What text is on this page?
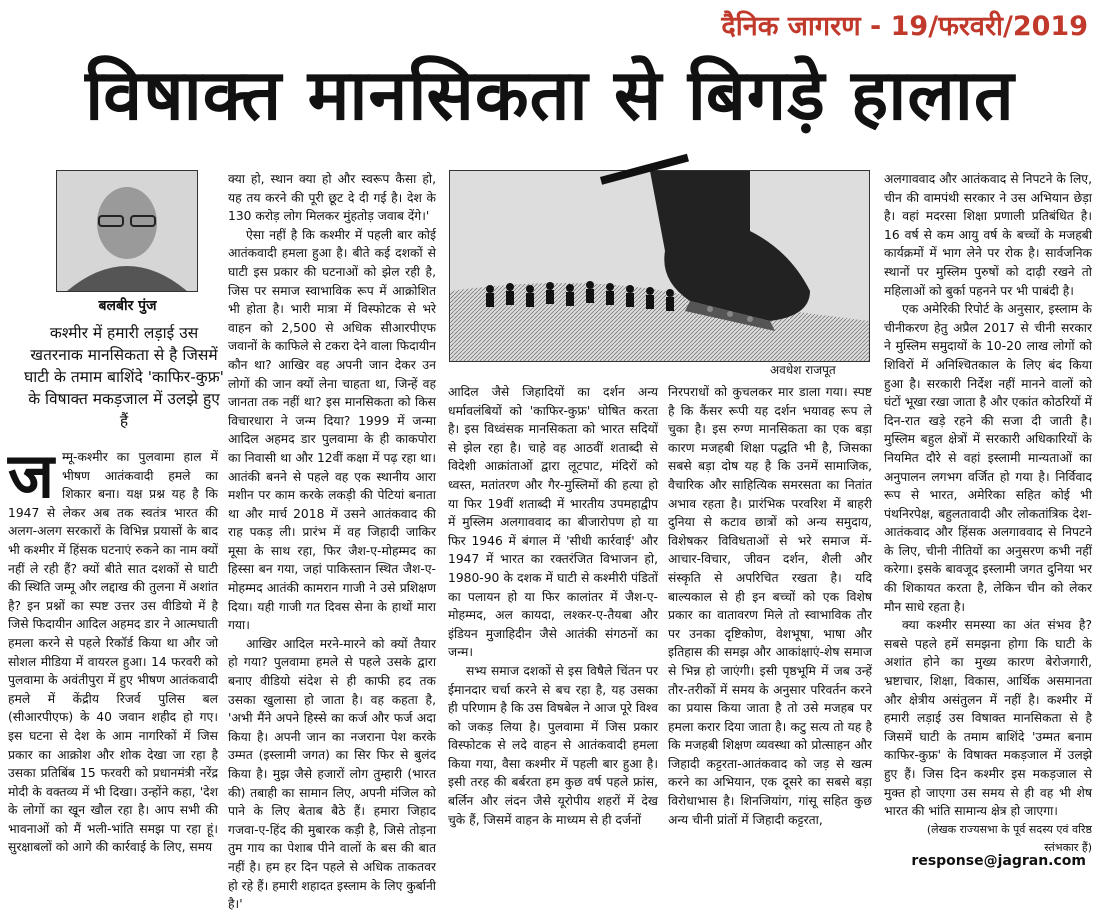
दैनिक जागरण - 19/फरवरी/2019
विषाक्त मानसिकता से बिगड़े हालात
बलबीर पुंज
कश्मीर में हमारी लड़ाई उस खतरनाक मानसिकता से है जिसमें घाटी के तमाम बाशिंदे 'काफिर-कुफ्र' के विषाक्त मकड़जाल में उलझे हुए हैं
ज म्मू-कश्मीर का पुलवामा हाल में भीषण आतंकवादी हमले का शिकार बना। यक्ष प्रश्न यह है कि 1947 से लेकर अब तक स्वतंत्र भारत की अलग-अलग सरकारों के विभिन्न प्रयासों के बाद भी कश्मीर में हिंसक घटनाएं रुकने का नाम क्यों नहीं ले रही हैं? क्यों बीते सात दशकों से घाटी की स्थिति जम्मू और लद्दाख की तुलना में अशांत है? इन प्रश्नों का स्पष्ट उत्तर उस वीडियो में है जिसे फिदायीन आदिल अहमद डार ने आत्मघाती हमला करने से पहले रिकॉर्ड किया था और जो सोशल मीडिया में वायरल हुआ। 14 फरवरी को पुलवामा के अवंतीपुरा में हुए भीषण आतंकवादी हमले में केंद्रीय रिजर्व पुलिस बल (सीआरपीएफ) के 40 जवान शहीद हो गए। इस घटना से देश के आम नागरिकों में जिस प्रकार का आक्रोश और शोक देखा जा रहा है उसका प्रतिबिंब 15 फरवरी को प्रधानमंत्री नरेंद्र मोदी के वक्तव्य में भी दिखा। उन्होंने कहा, 'देश के लोगों का खून खौल रहा है। आप सभी की भावनाओं को मैं भली-भांति समझ पा रहा हूं। सुरक्षाबलों को आगे की कार्रवाई के लिए, समय

क्या हो, स्थान क्या हो और स्वरूप कैसा हो, यह तय करने की पूरी छूट दे दी गई है। देश के 130 करोड़ लोग मिलकर मुंहतोड़ जवाब देंगे।'

ऐसा नहीं है कि कश्मीर में पहली बार कोई आतंकवादी हमला हुआ है। बीते कई दशकों से घाटी इस प्रकार की घटनाओं को झेल रही है, जिस पर समाज स्वाभाविक रूप में आक्रोशित भी होता है। भारी मात्रा में विस्फोटक से भरे वाहन को 2,500 से अधिक सीआरपीएफ जवानों के काफिले से टकरा देने वाला फिदायीन कौन था? आखिर वह अपनी जान देकर उन लोगों की जान क्यों लेना चाहता था, जिन्हें वह जानता तक नहीं था? इस मानसिकता को किस विचारधारा ने जन्म दिया? 1999 में जन्मा आदिल अहमद डार पुलवामा के ही काकपोरा का निवासी था और 12वीं कक्षा में पढ़ रहा था। आतंकी बनने से पहले वह एक स्थानीय आरा मशीन पर काम करके लकड़ी की पेटियां बनाता था और मार्च 2018 में उसने आतंकवाद की राह पकड़ ली। प्रारंभ में वह जिहादी जाकिर मूसा के साथ रहा, फिर जैश-ए-मोहम्मद का हिस्सा बन गया, जहां पाकिस्तान स्थित जैश-ए-मोहम्मद आतंकी कामरान गाजी ने उसे प्रशिक्षण दिया। यही गाजी गत दिवस सेना के हाथों मारा गया।

आखिर आदिल मरने-मारने को क्यों तैयार हो गया? पुलवामा हमले से पहले उसके द्वारा बनाए वीडियो संदेश से ही काफी हद तक उसका खुलासा हो जाता है। वह कहता है, 'अभी मैंने अपने हिस्से का कर्ज और फर्ज अदा किया है। अपनी जान का नजराना पेश करके उम्मत (इस्लामी जगत) का सिर फिर से बुलंद किया है। मुझ जैसे हजारों लोग तुम्हारी (भारत की) तबाही का सामान लिए, अपनी मंजिल को पाने के लिए बेताब बैठे हैं। हमारा जिहाद गजवा-ए-हिंद की मुबारक कड़ी है, जिसे तोड़ना तुम गाय का पेशाब पीने वालों के बस की बात नहीं है। हम हर दिन पहले से अधिक ताकतवर हो रहे हैं। हमारी शहादत इस्लाम के लिए कुर्बानी है।'

अवधेश राजपूत

आदिल जैसे जिहादियों का दर्शन अन्य धर्मावलंबियों को 'काफिर-कुफ्र' घोषित करता है। इस विध्वंसक मानसिकता को भारत सदियों से झेल रहा है। चाहे वह आठवीं शताब्दी से विदेशी आक्रांताओं द्वारा लूटपाट, मंदिरों को ध्वस्त, मतांतरण और गैर-मुस्लिमों की हत्या हो या फिर 19वीं शताब्दी में भारतीय उपमहाद्वीप में मुस्लिम अलगाववाद का बीजारोपण हो या फिर 1946 में बंगाल में 'सीधी कार्रवाई' और 1947 में भारत का रक्तरंजित विभाजन हो, 1980-90 के दशक में घाटी से कश्मीरी पंडितों का पलायन हो या फिर कालांतर में जैश-ए-मोहम्मद, अल कायदा, लश्कर-ए-तैयबा और इंडियन मुजाहिदीन जैसे आतंकी संगठनों का जन्म।

सभ्य समाज दशकों से इस विषैले चिंतन पर ईमानदार चर्चा करने से बच रहा है, यह उसका ही परिणाम है कि उस विषबेल ने आज पूरे विश्व को जकड़ लिया है। पुलवामा में जिस प्रकार विस्फोटक से लदे वाहन से आतंकवादी हमला किया गया, वैसा कश्मीर में पहली बार हुआ है। इसी तरह की बर्बरता हम कुछ वर्ष पहले फ्रांस, बर्लिन और लंदन जैसे यूरोपीय शहरों में देख चुके हैं, जिसमें वाहन के माध्यम से ही दर्जनों

निरपराधों को कुचलकर मार डाला गया। स्पष्ट है कि कैंसर रूपी यह दर्शन भयावह रूप ले चुका है। इस रुग्ण मानसिकता का एक बड़ा कारण मजहबी शिक्षा पद्धति भी है, जिसका सबसे बड़ा दोष यह है कि उनमें सामाजिक, वैचारिक और साहित्यिक समरसता का नितांत अभाव रहता है। प्रारंभिक परवरिश में बाहरी दुनिया से कटाव छात्रों को अन्य समुदाय, विशेषकर विविधताओं से भरे समाज में-आचार-विचार, जीवन दर्शन, शैली और संस्कृति से अपरिचित रखता है। यदि बाल्यकाल से ही इन बच्चों को एक विशेष प्रकार का वातावरण मिले तो स्वाभाविक तौर पर उनका दृष्टिकोण, वेशभूषा, भाषा और इतिहास की समझ और आकांक्षाएं-शेष समाज से भिन्न हो जाएंगी। इसी पृष्ठभूमि में जब उन्हें तौर-तरीकों में समय के अनुसार परिवर्तन करने का प्रयास किया जाता है तो उसे मजहब पर हमला करार दिया जाता है। कटु सत्य तो यह है कि मजहबी शिक्षण व्यवस्था को प्रोत्साहन और जिहादी कट्टरता-आतंकवाद को जड़ से खत्म करने का अभियान, एक दूसरे का सबसे बड़ा विरोधाभास है। शिनजियांग, गांसू सहित कुछ अन्य चीनी प्रांतों में जिहादी कट्टरता,

अलगाववाद और आतंकवाद से निपटने के लिए, चीन की वामपंथी सरकार ने उस अभियान छेड़ा है। वहां मदरसा शिक्षा प्रणाली प्रतिबंधित है। 16 वर्ष से कम आयु वर्ष के बच्चों के मजहबी कार्यक्रमों में भाग लेने पर रोक है। सार्वजनिक स्थानों पर मुस्लिम पुरुषों को दाढ़ी रखने तो महिलाओं को बुर्का पहनने पर भी पाबंदी है।

एक अमेरिकी रिपोर्ट के अनुसार, इस्लाम के चीनीकरण हेतु अप्रैल 2017 से चीनी सरकार ने मुस्लिम समुदायों के 10-20 लाख लोगों को शिविरों में अनिश्चितकाल के लिए बंद किया हुआ है। सरकारी निर्देश नहीं मानने वालों को घंटों भूखा रखा जाता है और एकांत कोठरियों में दिन-रात खड़े रहने की सजा दी जाती है। मुस्लिम बहुल क्षेत्रों में सरकारी अधिकारियों के नियमित दौरे से वहां इस्लामी मान्यताओं का अनुपालन लगभग वर्जित हो गया है। निर्विवाद रूप से भारत, अमेरिका सहित कोई भी पंथनिरपेक्ष, बहुलतावादी और लोकतांत्रिक देश-आतंकवाद और हिंसक अलगाववाद से निपटने के लिए, चीनी नीतियों का अनुसरण कभी नहीं करेगा। इसके बावजूद इस्लामी जगत दुनिया भर की शिकायत करता है, लेकिन चीन को लेकर मौन साधे रहता है।

क्या कश्मीर समस्या का अंत संभव है? सबसे पहले हमें समझना होगा कि घाटी के अशांत होने का मुख्य कारण बेरोजगारी, भ्रष्टाचार, शिक्षा, विकास, आर्थिक असमानता और क्षेत्रीय असंतुलन में नहीं है। कश्मीर में हमारी लड़ाई उस विषाक्त मानसिकता से है जिसमें घाटी के तमाम बाशिंदे 'उम्मत बनाम काफिर-कुफ्र' के विषाक्त मकड़जाल में उलझे हुए हैं। जिस दिन कश्मीर इस मकड़जाल से मुक्त हो जाएगा उस समय से ही वह भी शेष भारत की भांति सामान्य क्षेत्र हो जाएगा।

(लेखक राज्यसभा के पूर्व सदस्य एवं वरिष्ठ स्तंभकार हैं)

response@jagran.com
